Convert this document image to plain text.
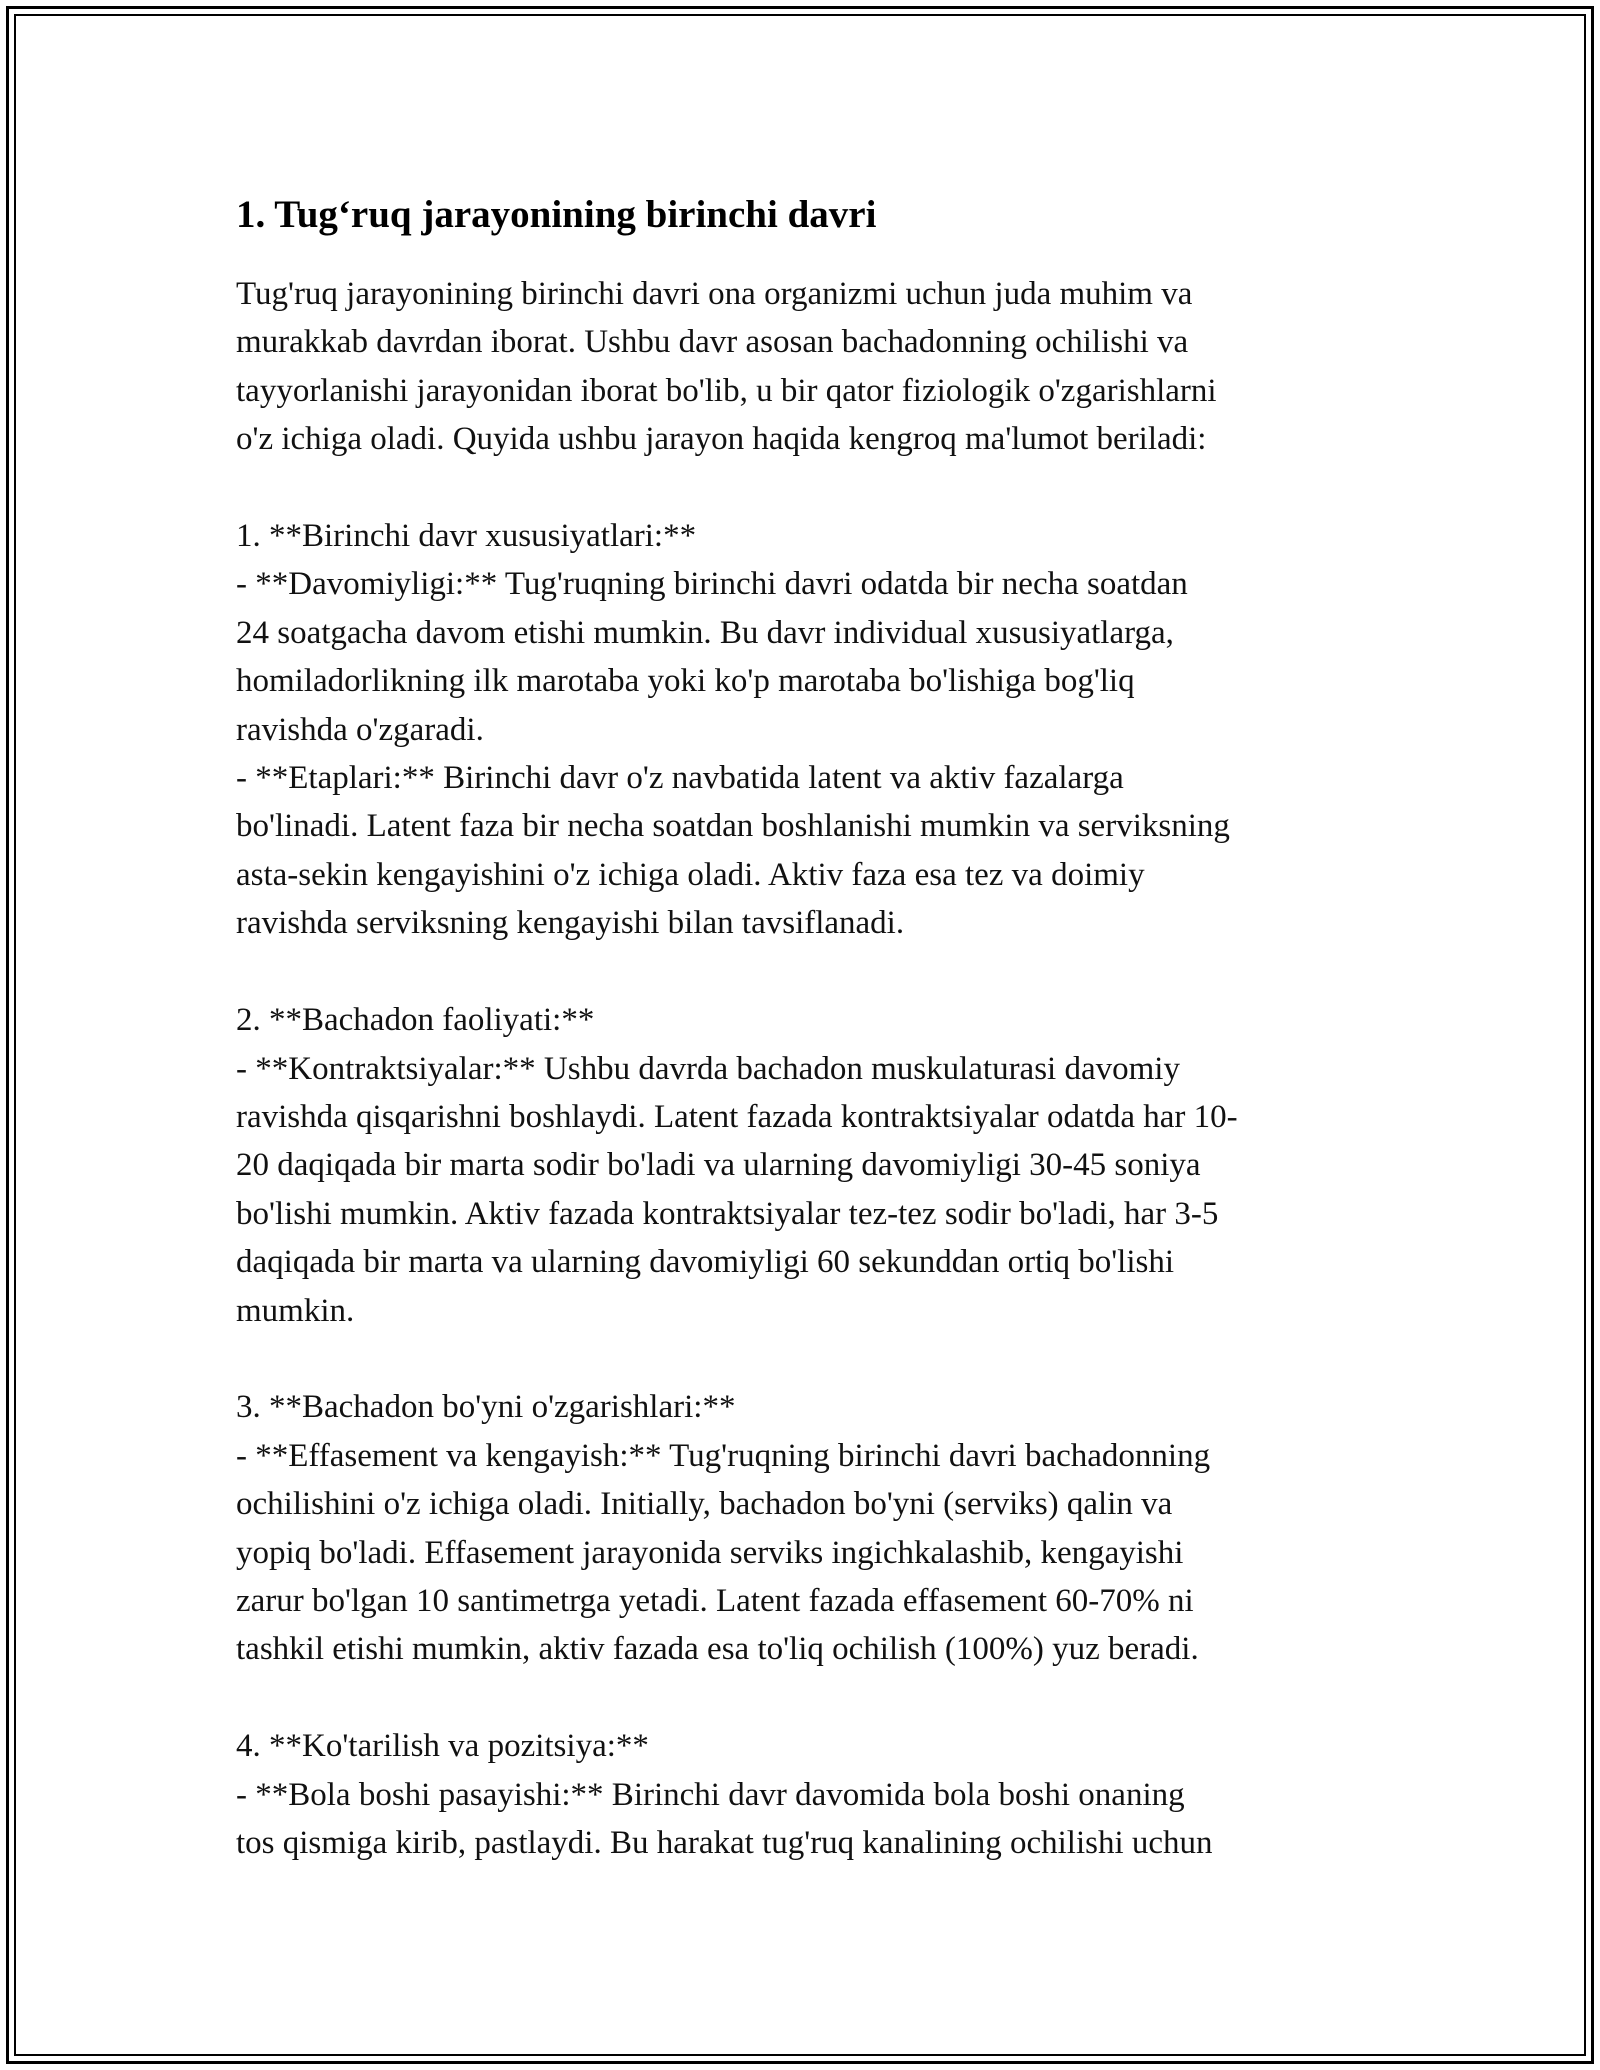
1. Tug‘ruq jarayonining birinchi davri

Tug'ruq jarayonining birinchi davri ona organizmi uchun juda muhim va
murakkab davrdan iborat. Ushbu davr asosan bachadonning ochilishi va
tayyorlanishi jarayonidan iborat bo'lib, u bir qator fiziologik o'zgarishlarni
o'z ichiga oladi. Quyida ushbu jarayon haqida kengroq ma'lumot beriladi:

1. **Birinchi davr xususiyatlari:**

- **Davomiyligi:** Tug'ruqning birinchi davri odatda bir necha soatdan
24 soatgacha davom etishi mumkin. Bu davr individual xususiyatlarga,
homiladorlikning ilk marotaba yoki ko'p marotaba bo'lishiga bog'liq
ravishda o'zgaradi.

- **Etaplari:** Birinchi davr o'z navbatida latent va aktiv fazalarga
bo'linadi. Latent faza bir necha soatdan boshlanishi mumkin va serviksning
asta-sekin kengayishini o'z ichiga oladi. Aktiv faza esa tez va doimiy
ravishda serviksning kengayishi bilan tavsiflanadi.

2. **Bachadon faoliyati:**

- **Kontraktsiyalar:** Ushbu davrda bachadon muskulaturasi davomiy
ravishda qisqarishni boshlaydi. Latent fazada kontraktsiyalar odatda har 10-
20 daqiqada bir marta sodir bo'ladi va ularning davomiyligi 30-45 soniya
bo'lishi mumkin. Aktiv fazada kontraktsiyalar tez-tez sodir bo'ladi, har 3-5
daqiqada bir marta va ularning davomiyligi 60 sekunddan ortiq bo'lishi
mumkin.

3. **Bachadon bo'yni o'zgarishlari:**

- **Effasement va kengayish:** Tug'ruqning birinchi davri bachadonning
ochilishini o'z ichiga oladi. Initially, bachadon bo'yni (serviks) qalin va
yopiq bo'ladi. Effasement jarayonida serviks ingichkalashib, kengayishi
zarur bo'lgan 10 santimetrga yetadi. Latent fazada effasement 60-70% ni
tashkil etishi mumkin, aktiv fazada esa to'liq ochilish (100%) yuz beradi.

4. **Ko'tarilish va pozitsiya:**

- **Bola boshi pasayishi:** Birinchi davr davomida bola boshi onaning
tos qismiga kirib, pastlaydi. Bu harakat tug'ruq kanalining ochilishi uchun
